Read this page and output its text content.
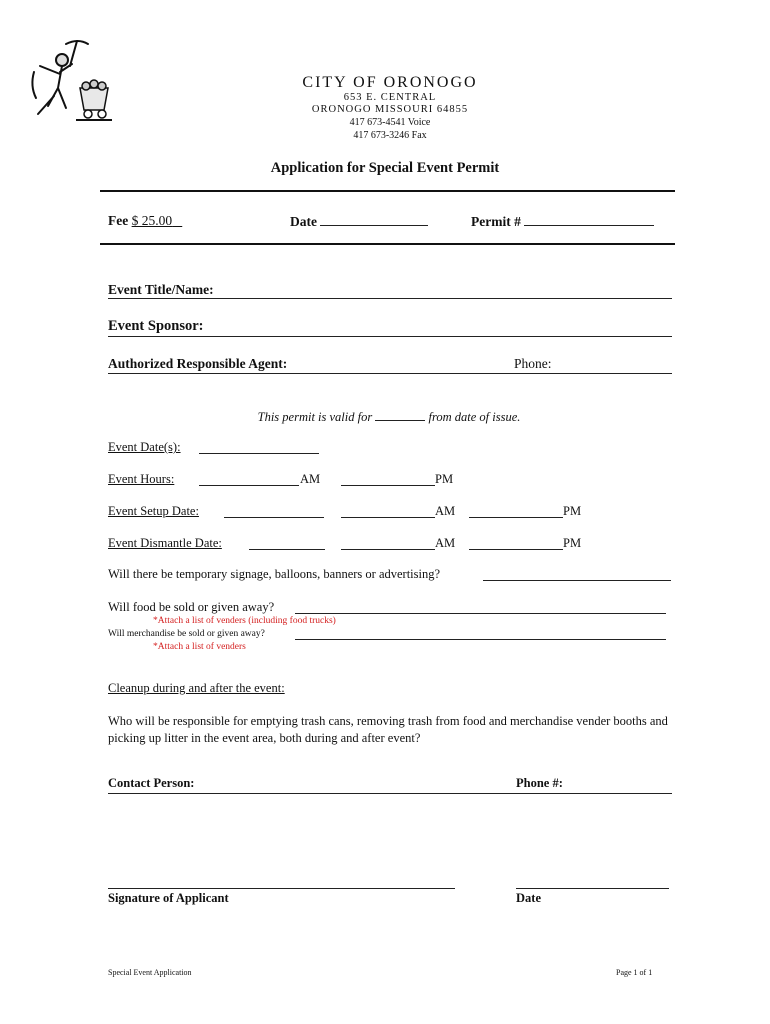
CITY OF ORONOGO
653 E. CENTRAL
ORONOGO MISSOURI 64855
417 673-4541 Voice
417 673-3246 Fax
Application for Special Event Permit
Fee $ 25.00	Date	Permit #
Event Title/Name:
Event Sponsor:
Authorized Responsible Agent:	Phone:
This permit is valid for	from date of issue.
Event Date(s):
Event Hours:	AM	PM
Event Setup Date:	AM	PM
Event Dismantle Date:	AM	PM
Will there be temporary signage, balloons, banners or advertising?
Will food be sold or given away?
*Attach a list of venders (including food trucks)
Will merchandise be sold or given away?
*Attach a list of venders
Cleanup during and after the event:
Who will be responsible for emptying trash cans, removing trash from food and merchandise vender booths and picking up litter in the event area, both during and after event?
Contact Person:	Phone #:
Signature of Applicant	Date
Special Event Application	Page 1 of 1
